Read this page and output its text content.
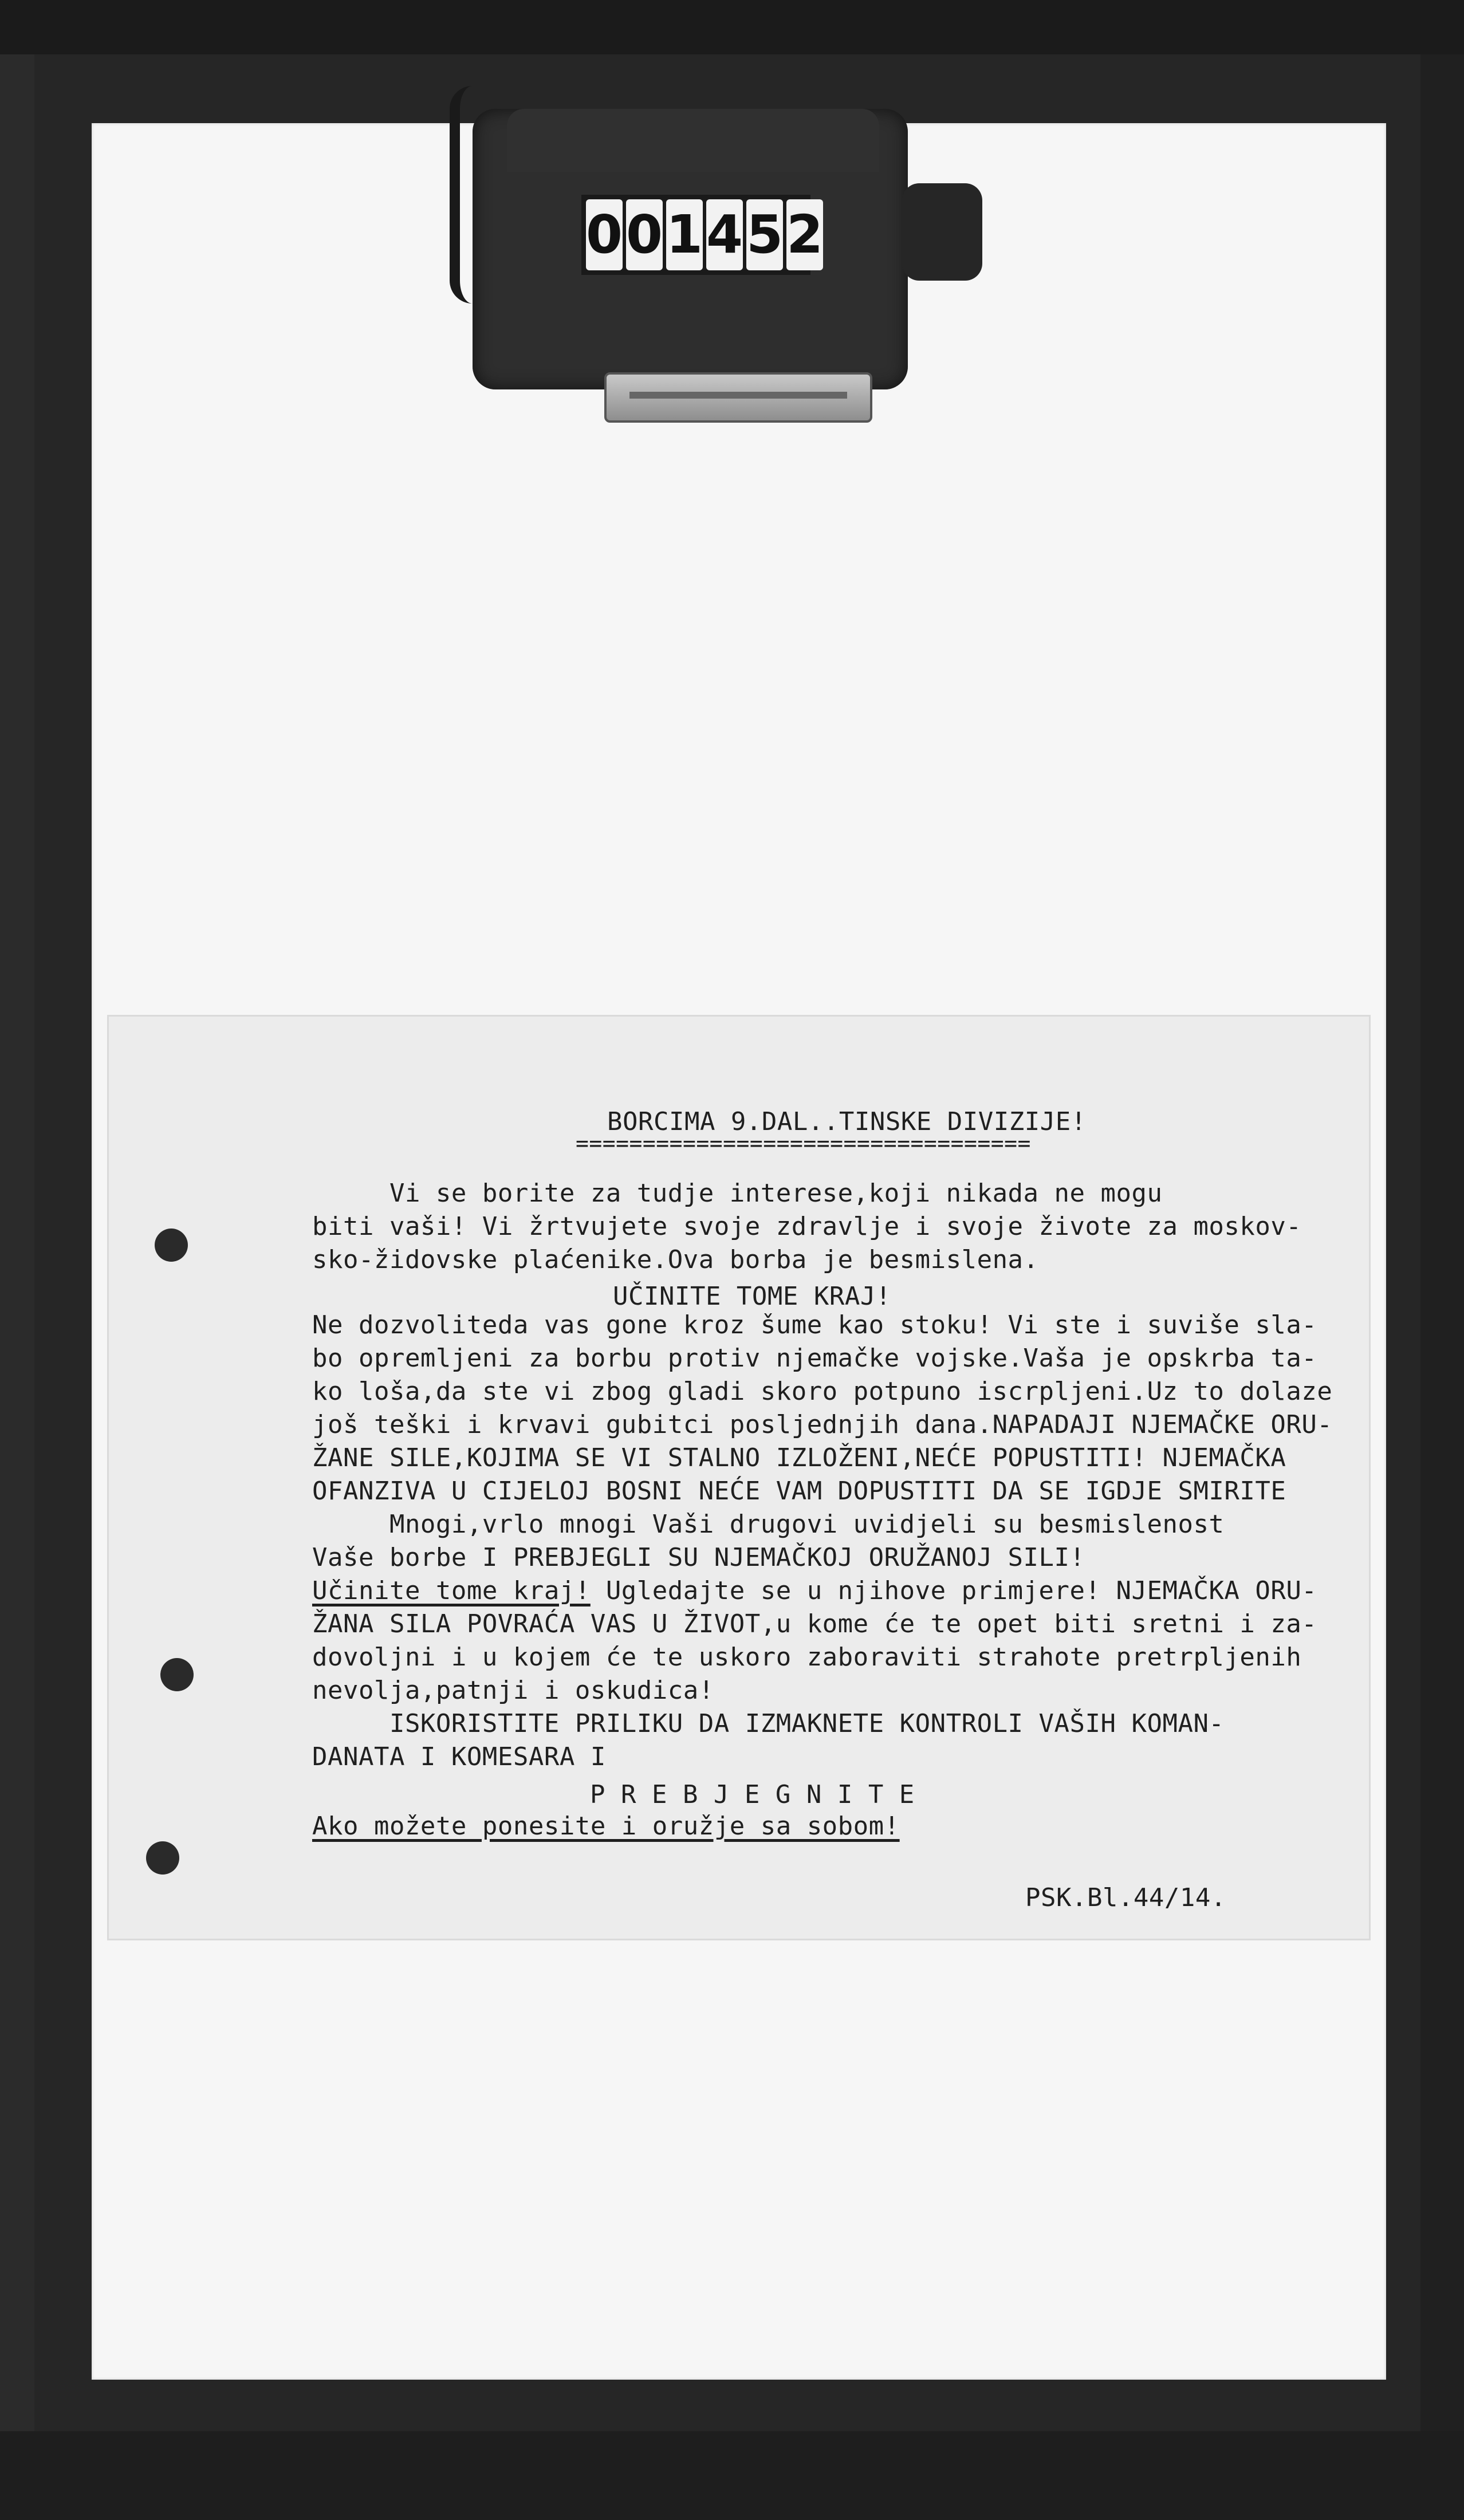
0 0 1 4 5 2

BORCIMA 9.DAL..TINSKE DIVIZIJE!

==================================

Vi se borite za tudje interese,koji nikada ne mogu

biti vaši! Vi žrtvujete svoje zdravlje i svoje živote za moskov-

sko-židovske plaćenike.Ova borba je besmislena.

UČINITE TOME KRAJ!

Ne dozvoliteda vas gone kroz šume kao stoku! Vi ste i suviše sla-

bo opremljeni za borbu protiv njemačke vojske.Vaša je opskrba ta-

ko loša,da ste vi zbog gladi skoro potpuno iscrpljeni.Uz to dolaze

još teški i krvavi gubitci posljednjih dana.NAPADAJI NJEMAČKE ORU-

ŽANE SILE,KOJIMA SE VI STALNO IZLOŽENI,NEĆE POPUSTITI! NJEMAČKA

OFANZIVA U CIJELOJ BOSNI NEĆE VAM DOPUSTITI DA SE IGDJE SMIRITE

Mnogi,vrlo mnogi Vaši drugovi uvidjeli su besmislenost

Vaše borbe I PREBJEGLI SU NJEMAČKOJ ORUŽANOJ SILI!

Učinite tome kraj! Ugledajte se u njihove primjere! NJEMAČKA ORU-

ŽANA SILA POVRAĆA VAS U ŽIVOT,u kome će te opet biti sretni i za-

dovoljni i u kojem će te uskoro zaboraviti strahote pretrpljenih

nevolja,patnji i oskudica!

ISKORISTITE PRILIKU DA IZMAKNETE KONTROLI VAŠIH KOMAN-

DANATA I KOMESARA I

P R E B J E G N I T E

Ako možete ponesite i oružje sa sobom!

PSK.Bl.44/14.
